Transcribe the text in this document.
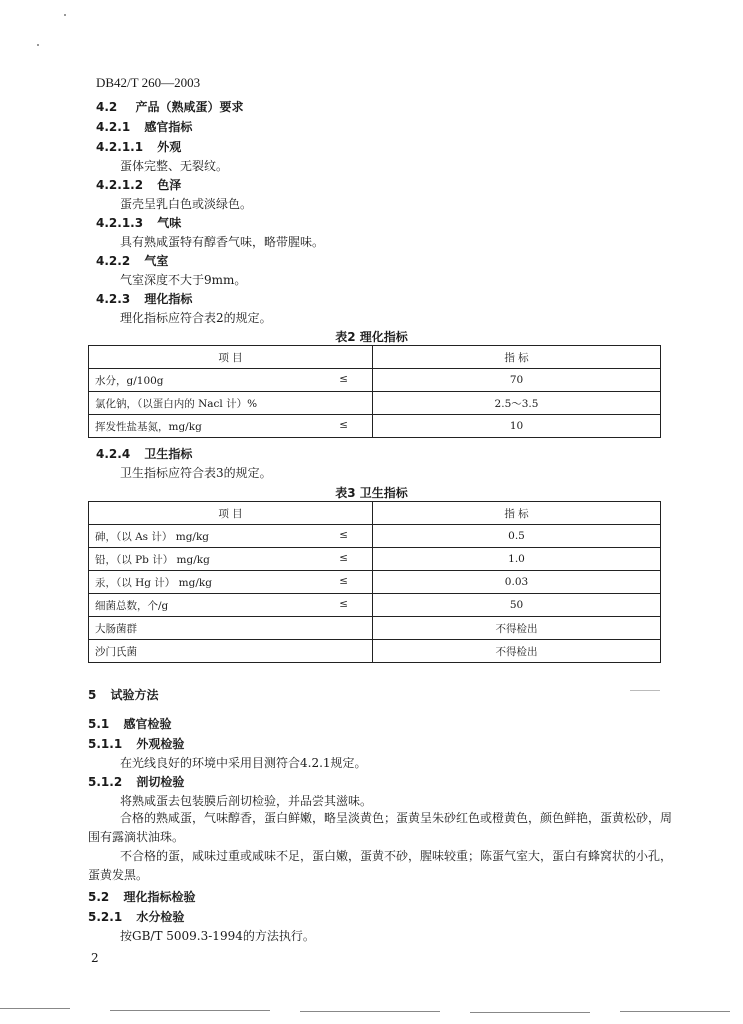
DB42/T 260—2003
4.2 产品（熟咸蛋）要求
4.2.1 感官指标
4.2.1.1 外观
蛋体完整、无裂纹。
4.2.1.2 色泽
蛋壳呈乳白色或淡绿色。
4.2.1.3 气味
具有熟咸蛋特有醇香气味，略带腥味。
4.2.2 气室
气室深度不大于9mm。
4.2.3 理化指标
理化指标应符合表2的规定。
表2 理化指标
项 目	指 标
水分，g/100g ≤	70
氯化钠，（以蛋白内的 Nacl 计）%	2.5～3.5
挥发性盐基氮，mg/kg ≤	10
4.2.4 卫生指标
卫生指标应符合表3的规定。
表3 卫生指标
项 目	指 标
砷，（以 As 计） mg/kg ≤	0.5
铅，（以 Pb 计） mg/kg ≤	1.0
汞，（以 Hg 计） mg/kg ≤	0.03
细菌总数，个/g ≤	50
大肠菌群	不得检出
沙门氏菌	不得检出
5 试验方法
5.1 感官检验
5.1.1 外观检验
在光线良好的环境中采用目测符合4.2.1规定。
5.1.2 剖切检验
将熟咸蛋去包装膜后剖切检验，并品尝其滋味。
合格的熟咸蛋，气味醇香，蛋白鲜嫩，略呈淡黄色；蛋黄呈朱砂红色或橙黄色，颜色鲜艳，蛋黄松砂，周围有露滴状油珠。
不合格的蛋，咸味过重或咸味不足，蛋白嫩，蛋黄不砂，腥味较重；陈蛋气室大，蛋白有蜂窝状的小孔，蛋黄发黑。
5.2 理化指标检验
5.2.1 水分检验
按GB/T 5009.3-1994的方法执行。
2
